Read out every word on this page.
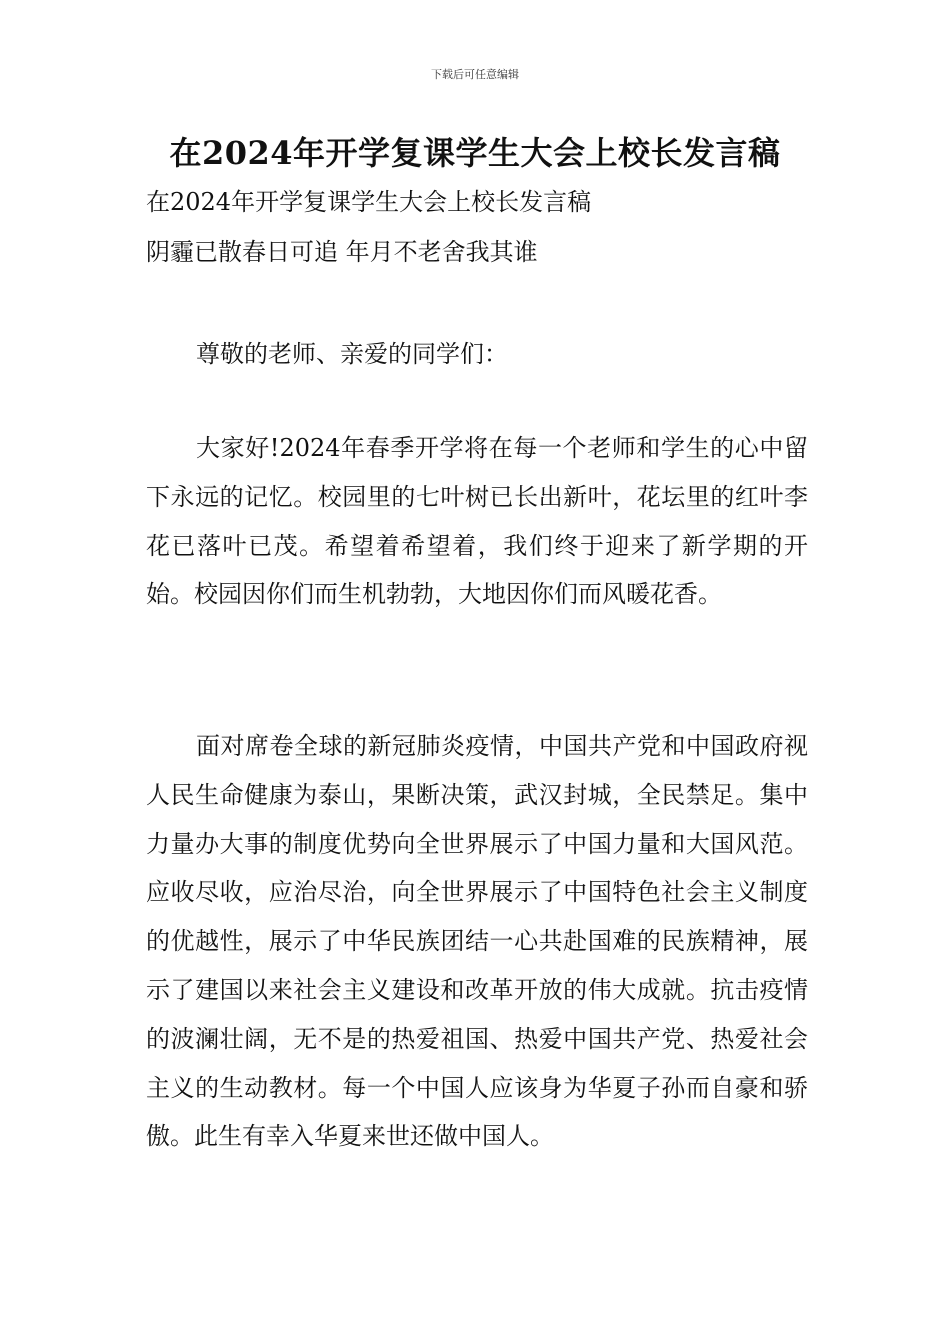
下载后可任意编辑
在2024年开学复课学生大会上校长发言稿

在2024年开学复课学生大会上校长发言稿

阴霾已散春日可追 年月不老舍我其谁

尊敬的老师、亲爱的同学们：

大家好!2024年春季开学将在每一个老师和学生的心中留下永远的记忆。校园里的七叶树已长出新叶，花坛里的红叶李花已落叶已茂。希望着希望着，我们终于迎来了新学期的开始。校园因你们而生机勃勃，大地因你们而风暖花香。

面对席卷全球的新冠肺炎疫情，中国共产党和中国政府视人民生命健康为泰山，果断决策，武汉封城，全民禁足。集中力量办大事的制度优势向全世界展示了中国力量和大国风范。应收尽收，应治尽治，向全世界展示了中国特色社会主义制度的优越性，展示了中华民族团结一心共赴国难的民族精神，展示了建国以来社会主义建设和改革开放的伟大成就。抗击疫情的波澜壮阔，无不是的热爱祖国、热爱中国共产党、热爱社会主义的生动教材。每一个中国人应该身为华夏子孙而自豪和骄傲。此生有幸入华夏来世还做中国人。
